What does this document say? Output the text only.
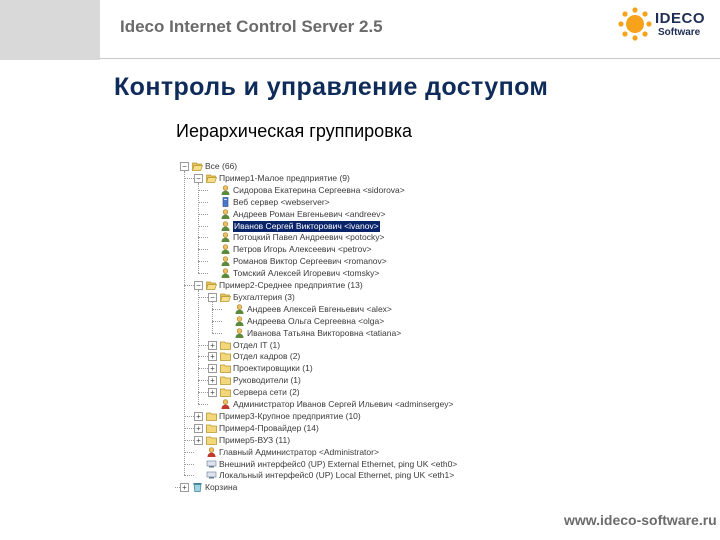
Ideco Internet Control Server 2.5	IDECO
Software
Контроль и управление доступом
Иерархическая группировка
− Все (66)
− Пример1-Малое предприятие (9)
Сидорова Екатерина Сергеевна <sidorova>
Веб сервер <webserver>
Андреев Роман Евгеньевич <andreev>
Иванов Сергей Викторович <ivanov>
Потоцкий Павел Андреевич <potocky>
Петров Игорь Алексеевич <petrov>
Романов Виктор Сергеевич <romanov>
Томский Алексей Игоревич <tomsky>
− Пример2-Среднее предприятие (13)
− Бухгалтерия (3)
Андреев Алексей Евгеньевич <alex>
Андреева Ольга Сергеевна <olga>
Иванова Татьяна Викторовна <tatiana>
+ Отдел IT (1)
+ Отдел кадров (2)
+ Проектировщики (1)
+ Руководители (1)
+ Сервера сети (2)
Администратор Иванов Сергей Ильевич <adminsergey>
+ Пример3-Крупное предприятие (10)
+ Пример4-Провайдер (14)
+ Пример5-ВУЗ (11)
Главный Администратор <Administrator>
Внешний интерфейс0 (UP) External Ethernet, ping UK <eth0>
Локальный интерфейс0 (UP) Local Ethernet, ping UK <eth1>
+ Корзина
www.ideco-software.ru
